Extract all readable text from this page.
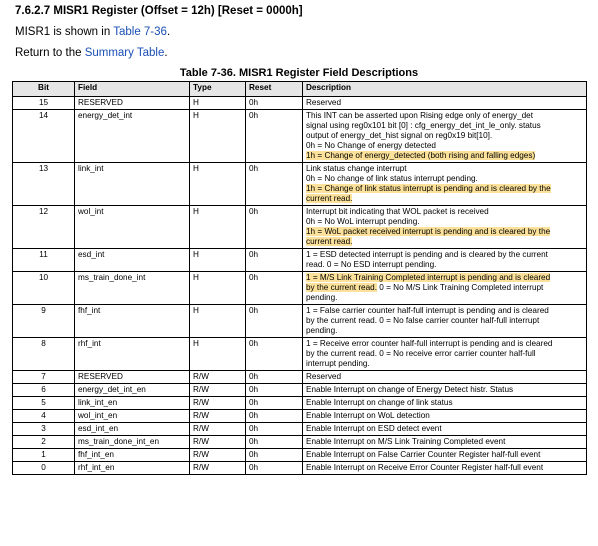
7.6.2.7 MISR1 Register (Offset = 12h) [Reset = 0000h]
MISR1 is shown in Table 7-36.
Return to the Summary Table.
Table 7-36. MISR1 Register Field Descriptions
Bit	Field	Type	Reset	Description
15	RESERVED	H	0h	Reserved

14	energy_det_int	H	0h	This INT can be asserted upon Rising edge only of energy_det
signal using reg0x101 bit [0] : cfg_energy_det_int_le_only. status
output of energy_det_hist signal on reg0x19 bit[10].
0h = No Change of energy detected
1h = Change of energy_detected (both rising and falling edges)

13	link_int	H	0h	Link status change interrupt
0h = No change of link status interrupt pending.
1h = Change of link status interrupt is pending and is cleared by the
current read.

12	wol_int	H	0h	Interrupt bit indicating that WOL packet is received
0h = No WoL interrupt pending.
1h = WoL packet received interrupt is pending and is cleared by the
current read.

11	esd_int	H	0h	1 = ESD detected interrupt is pending and is cleared by the current
read. 0 = No ESD interrupt pending.

10	ms_train_done_int	H	0h	1 = M/S Link Training Completed interrupt is pending and is cleared
by the current read. 0 = No M/S Link Training Completed interrupt
pending.

9	fhf_int	H	0h	1 = False carrier counter half-full interrupt is pending and is cleared
by the current read. 0 = No false carrier counter half-full interrupt
pending.

8	rhf_int	H	0h	1 = Receive error counter half-full interrupt is pending and is cleared
by the current read. 0 = No receive error carrier counter half-full
interrupt pending.

7	RESERVED	R/W	0h	Reserved

6	energy_det_int_en	R/W	0h	Enable Interrupt on change of Energy Detect histr. Status

5	link_int_en	R/W	0h	Enable Interrupt on change of link status

4	wol_int_en	R/W	0h	Enable Interrupt on WoL detection

3	esd_int_en	R/W	0h	Enable Interrupt on ESD detect event

2	ms_train_done_int_en	R/W	0h	Enable Interrupt on M/S Link Training Completed event

1	fhf_int_en	R/W	0h	Enable Interrupt on False Carrier Counter Register half-full event

0	rhf_int_en	R/W	0h	Enable Interrupt on Receive Error Counter Register half-full event
